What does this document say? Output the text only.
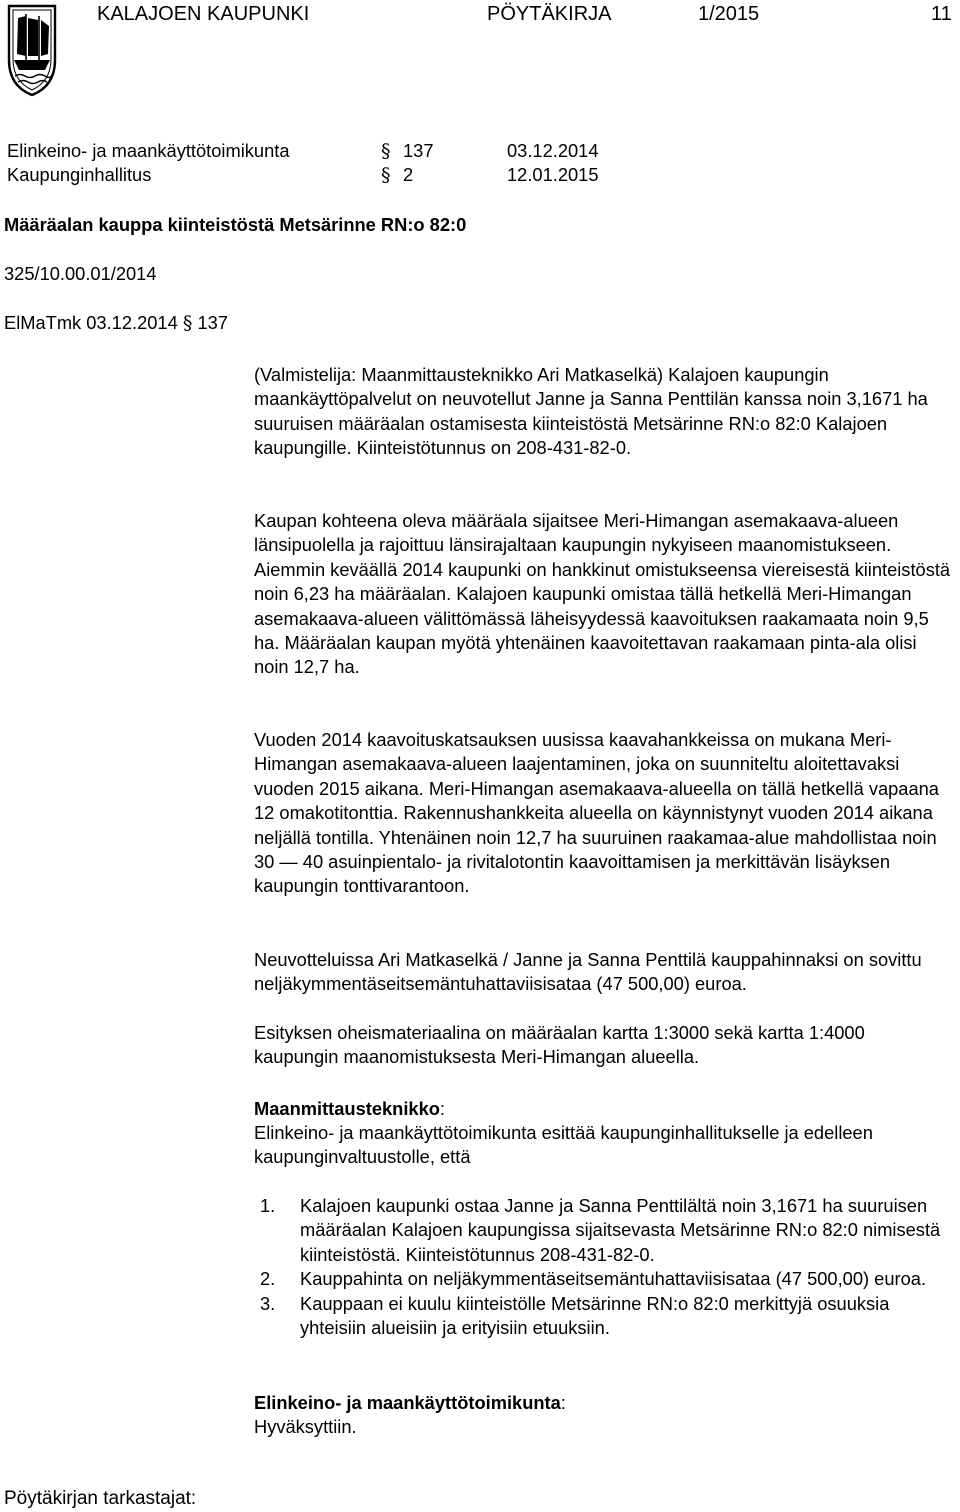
KALAJOEN KAUPUNKI	PÖYTÄKIRJA	1/2015	11
Elinkeino- ja maankäyttötoimikunta	§ 137	03.12.2014
Kaupunginhallitus	§ 2	12.01.2015
Määräalan kauppa kiinteistöstä Metsärinne RN:o 82:0
325/10.00.01/2014
ElMaTmk 03.12.2014 § 137

(Valmistelija: Maanmittausteknikko Ari Matkaselkä) Kalajoen kaupungin maankäyttöpalvelut on neuvotellut Janne ja Sanna Penttilän kanssa noin 3,1671 ha suuruisen määräalan ostamisesta kiinteistöstä Metsärinne RN:o 82:0 Kalajoen kaupungille. Kiinteistötunnus on 208-431-82-0.

Kaupan kohteena oleva määräala sijaitsee Meri-Himangan asemakaava-alueen länsipuolella ja rajoittuu länsirajaltaan kaupungin nykyiseen maanomistukseen. Aiemmin keväällä 2014 kaupunki on hankkinut omistukseensa viereisestä kiinteistöstä noin 6,23 ha määräalan. Kalajoen kaupunki omistaa tällä hetkellä Meri-Himangan asemakaava-alueen välittömässä läheisyydessä kaavoituksen raakamaata noin 9,5 ha. Määräalan kaupan myötä yhtenäinen kaavoitettavan raakamaan pinta-ala olisi noin 12,7 ha.

Vuoden 2014 kaavoituskatsauksen uusissa kaavahankkeissa on mukana Meri-Himangan asemakaava-alueen laajentaminen, joka on suunniteltu aloitettavaksi vuoden 2015 aikana. Meri-Himangan asemakaava-alueella on tällä hetkellä vapaana 12 omakotitonttia. Rakennushankkeita alueella on käynnistynyt vuoden 2014 aikana neljällä tontilla. Yhtenäinen noin 12,7 ha suuruinen raakamaa-alue mahdollistaa noin 30 — 40 asuinpientalo- ja rivitalotontin kaavoittamisen ja merkittävän lisäyksen kaupungin tonttivarantoon.

Neuvotteluissa Ari Matkaselkä / Janne ja Sanna Penttilä kauppahinnaksi on sovittu neljäkymmentäseitsemäntuhattaviisisataa (47 500,00) euroa.

Esityksen oheismateriaalina on määräalan kartta 1:3000 sekä kartta 1:4000 kaupungin maanomistuksesta Meri-Himangan alueella.

Maanmittausteknikko:

Elinkeino- ja maankäyttötoimikunta esittää kaupunginhallitukselle ja edelleen kaupunginvaltuustolle, että

1. Kalajoen kaupunki ostaa Janne ja Sanna Penttilältä noin 3,1671 ha suuruisen määräalan Kalajoen kaupungissa sijaitsevasta Metsärinne RN:o 82:0 nimisestä kiinteistöstä. Kiinteistötunnus 208-431-82-0.
2. Kauppahinta on neljäkymmentäseitsemäntuhattaviisisataa (47 500,00) euroa.
3. Kauppaan ei kuulu kiinteistölle Metsärinne RN:o 82:0 merkittyjä osuuksia yhteisiin alueisiin ja erityisiin etuuksiin.
Elinkeino- ja maankäyttötoimikunta:
Hyväksyttiin.
Pöytäkirjan tarkastajat:
